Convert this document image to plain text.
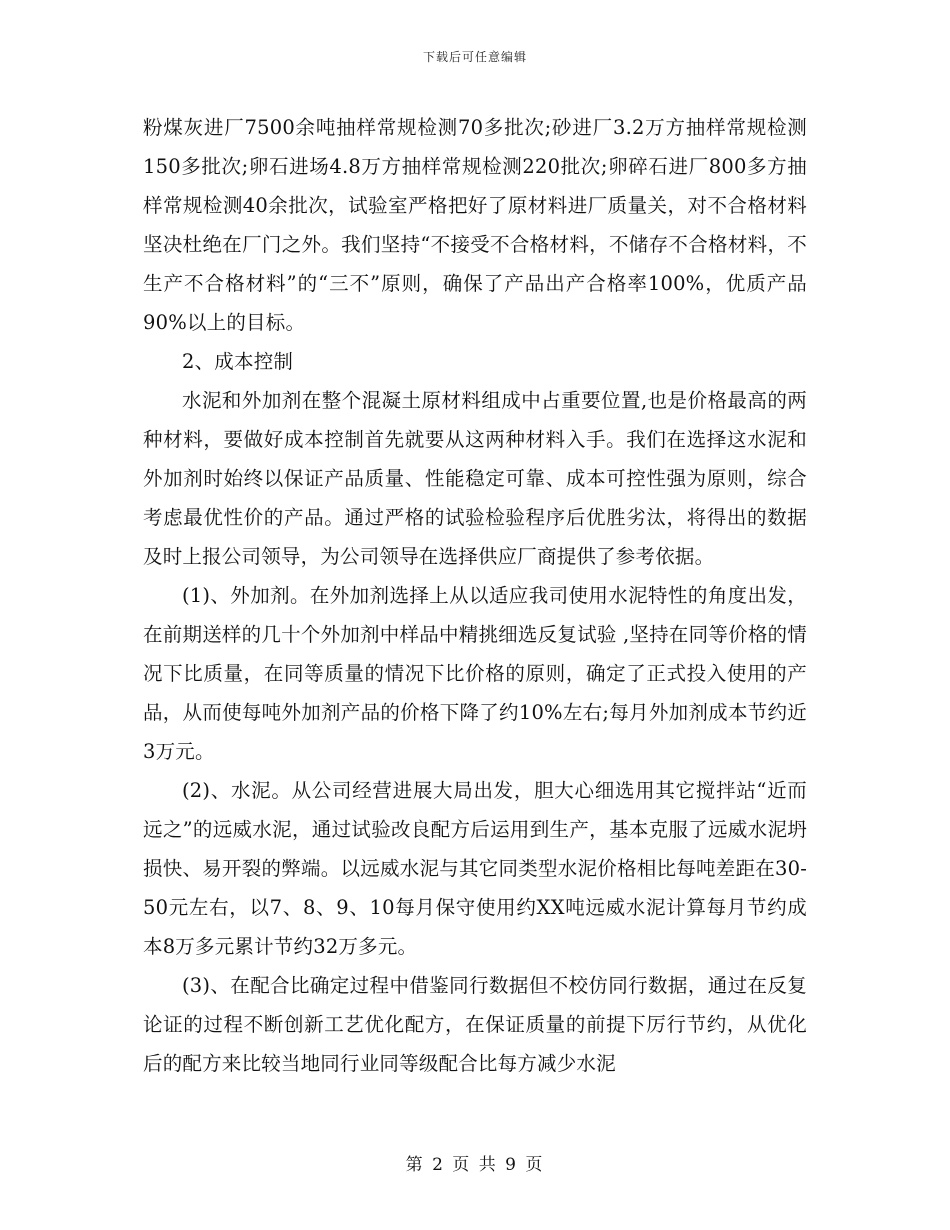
下载后可任意编辑

粉煤灰进厂7500余吨抽样常规检测70多批次;砂进厂3.2万方抽样常规检测150多批次;卵石进场4.8万方抽样常规检测220批次;卵碎石进厂800多方抽样常规检测40余批次，试验室严格把好了原材料进厂质量关，对不合格材料坚决杜绝在厂门之外。我们坚持“不接受不合格材料，不储存不合格材料，不生产不合格材料”的“三不”原则，确保了产品出产合格率100%，优质产品90%以上的目标。

2、成本控制

水泥和外加剂在整个混凝土原材料组成中占重要位置,也是价格最高的两种材料，要做好成本控制首先就要从这两种材料入手。我们在选择这水泥和外加剂时始终以保证产品质量、性能稳定可靠、成本可控性强为原则，综合考虑最优性价的产品。通过严格的试验检验程序后优胜劣汰，将得出的数据及时上报公司领导，为公司领导在选择供应厂商提供了参考依据。

(1)、外加剂。在外加剂选择上从以适应我司使用水泥特性的角度出发，在前期送样的几十个外加剂中样品中精挑细选反复试验 ,坚持在同等价格的情况下比质量，在同等质量的情况下比价格的原则，确定了正式投入使用的产品，从而使每吨外加剂产品的价格下降了约10%左右;每月外加剂成本节约近3万元。

(2)、水泥。从公司经营进展大局出发，胆大心细选用其它搅拌站“近而远之”的远威水泥，通过试验改良配方后运用到生产，基本克服了远威水泥坍损快、易开裂的弊端。以远威水泥与其它同类型水泥价格相比每吨差距在30-50元左右，以7、8、9、10每月保守使用约XX吨远威水泥计算每月节约成本8万多元累计节约32万多元。

(3)、在配合比确定过程中借鉴同行数据但不校仿同行数据，通过在反复论证的过程不断创新工艺优化配方，在保证质量的前提下厉行节约，从优化后的配方来比较当地同行业同等级配合比每方减少水泥

第 2 页 共 9 页
